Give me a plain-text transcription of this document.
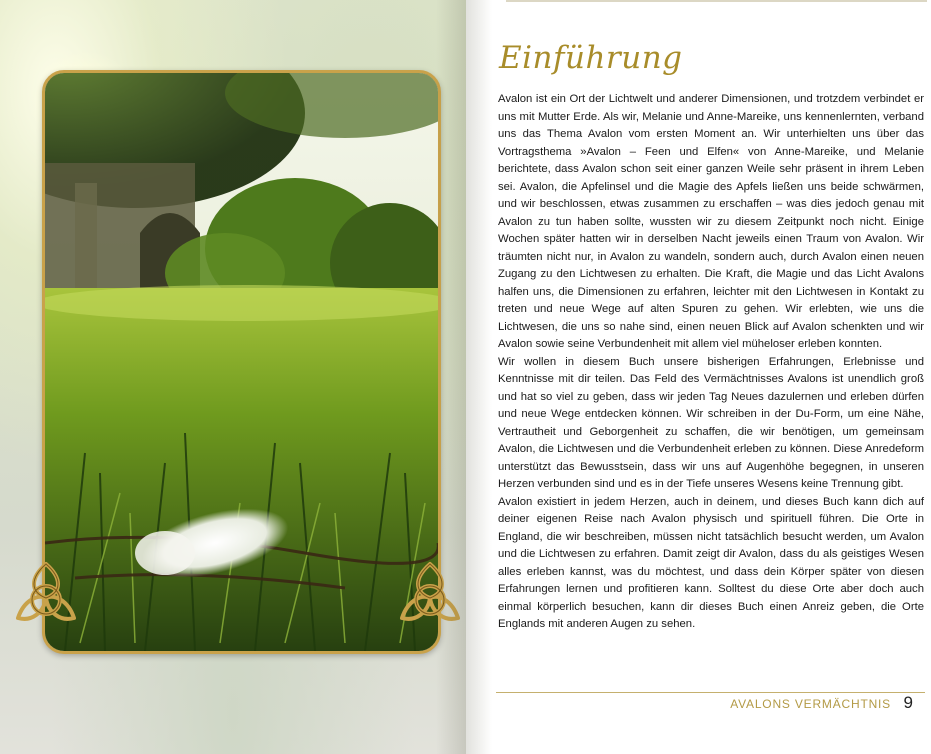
Einführung

Avalon ist ein Ort der Lichtwelt und anderer Dimensionen, und trotzdem verbindet er uns mit Mutter Erde. Als wir, Melanie und Anne-Mareike, uns kennenlernten, verband uns das Thema Avalon vom ersten Moment an. Wir unterhielten uns über das Vortragsthema »Avalon – Feen und Elfen« von Anne-Mareike, und Melanie berichtete, dass Avalon schon seit einer ganzen Weile sehr präsent in ihrem Leben sei. Avalon, die Apfelinsel und die Magie des Apfels ließen uns beide schwärmen, und wir beschlossen, etwas zusammen zu erschaffen – was dies jedoch genau mit Avalon zu tun haben sollte, wussten wir zu diesem Zeitpunkt noch nicht. Einige Wochen später hatten wir in derselben Nacht jeweils einen Traum von Avalon. Wir träumten nicht nur, in Avalon zu wandeln, sondern auch, durch Avalon einen neuen Zugang zu den Lichtwesen zu erhalten. Die Kraft, die Magie und das Licht Avalons halfen uns, die Dimensionen zu erfahren, leichter mit den Lichtwesen in Kontakt zu treten und neue Wege auf alten Spuren zu gehen. Wir erlebten, wie uns die Lichtwesen, die uns so nahe sind, einen neuen Blick auf Avalon schenkten und wir Avalon sowie seine Verbundenheit mit allem viel müheloser erleben konnten.

Wir wollen in diesem Buch unsere bisherigen Erfahrungen, Erlebnisse und Kenntnisse mit dir teilen. Das Feld des Vermächtnisses Avalons ist unendlich groß und hat so viel zu geben, dass wir jeden Tag Neues dazulernen und erleben dürfen und neue Wege entdecken können. Wir schreiben in der Du-Form, um eine Nähe, Vertrautheit und Geborgenheit zu schaffen, die wir benötigen, um gemeinsam Avalon, die Lichtwesen und die Verbundenheit erleben zu können. Diese Anredeform unterstützt das Bewusstsein, dass wir uns auf Augenhöhe begegnen, in unseren Herzen verbunden sind und es in der Tiefe unseres Wesens keine Trennung gibt.

Avalon existiert in jedem Herzen, auch in deinem, und dieses Buch kann dich auf deiner eigenen Reise nach Avalon physisch und spirituell führen. Die Orte in England, die wir beschreiben, müssen nicht tatsächlich besucht werden, um Avalon und die Lichtwesen zu erfahren. Damit zeigt dir Avalon, dass du als geistiges Wesen alles erleben kannst, was du möchtest, und dass dein Körper später von diesen Erfahrungen lernen und profitieren kann. Solltest du diese Orte aber doch auch einmal körperlich besuchen, kann dir dieses Buch einen Anreiz geben, die Orte Englands mit anderen Augen zu sehen.

AVALONS VERMÄCHTNIS 9
